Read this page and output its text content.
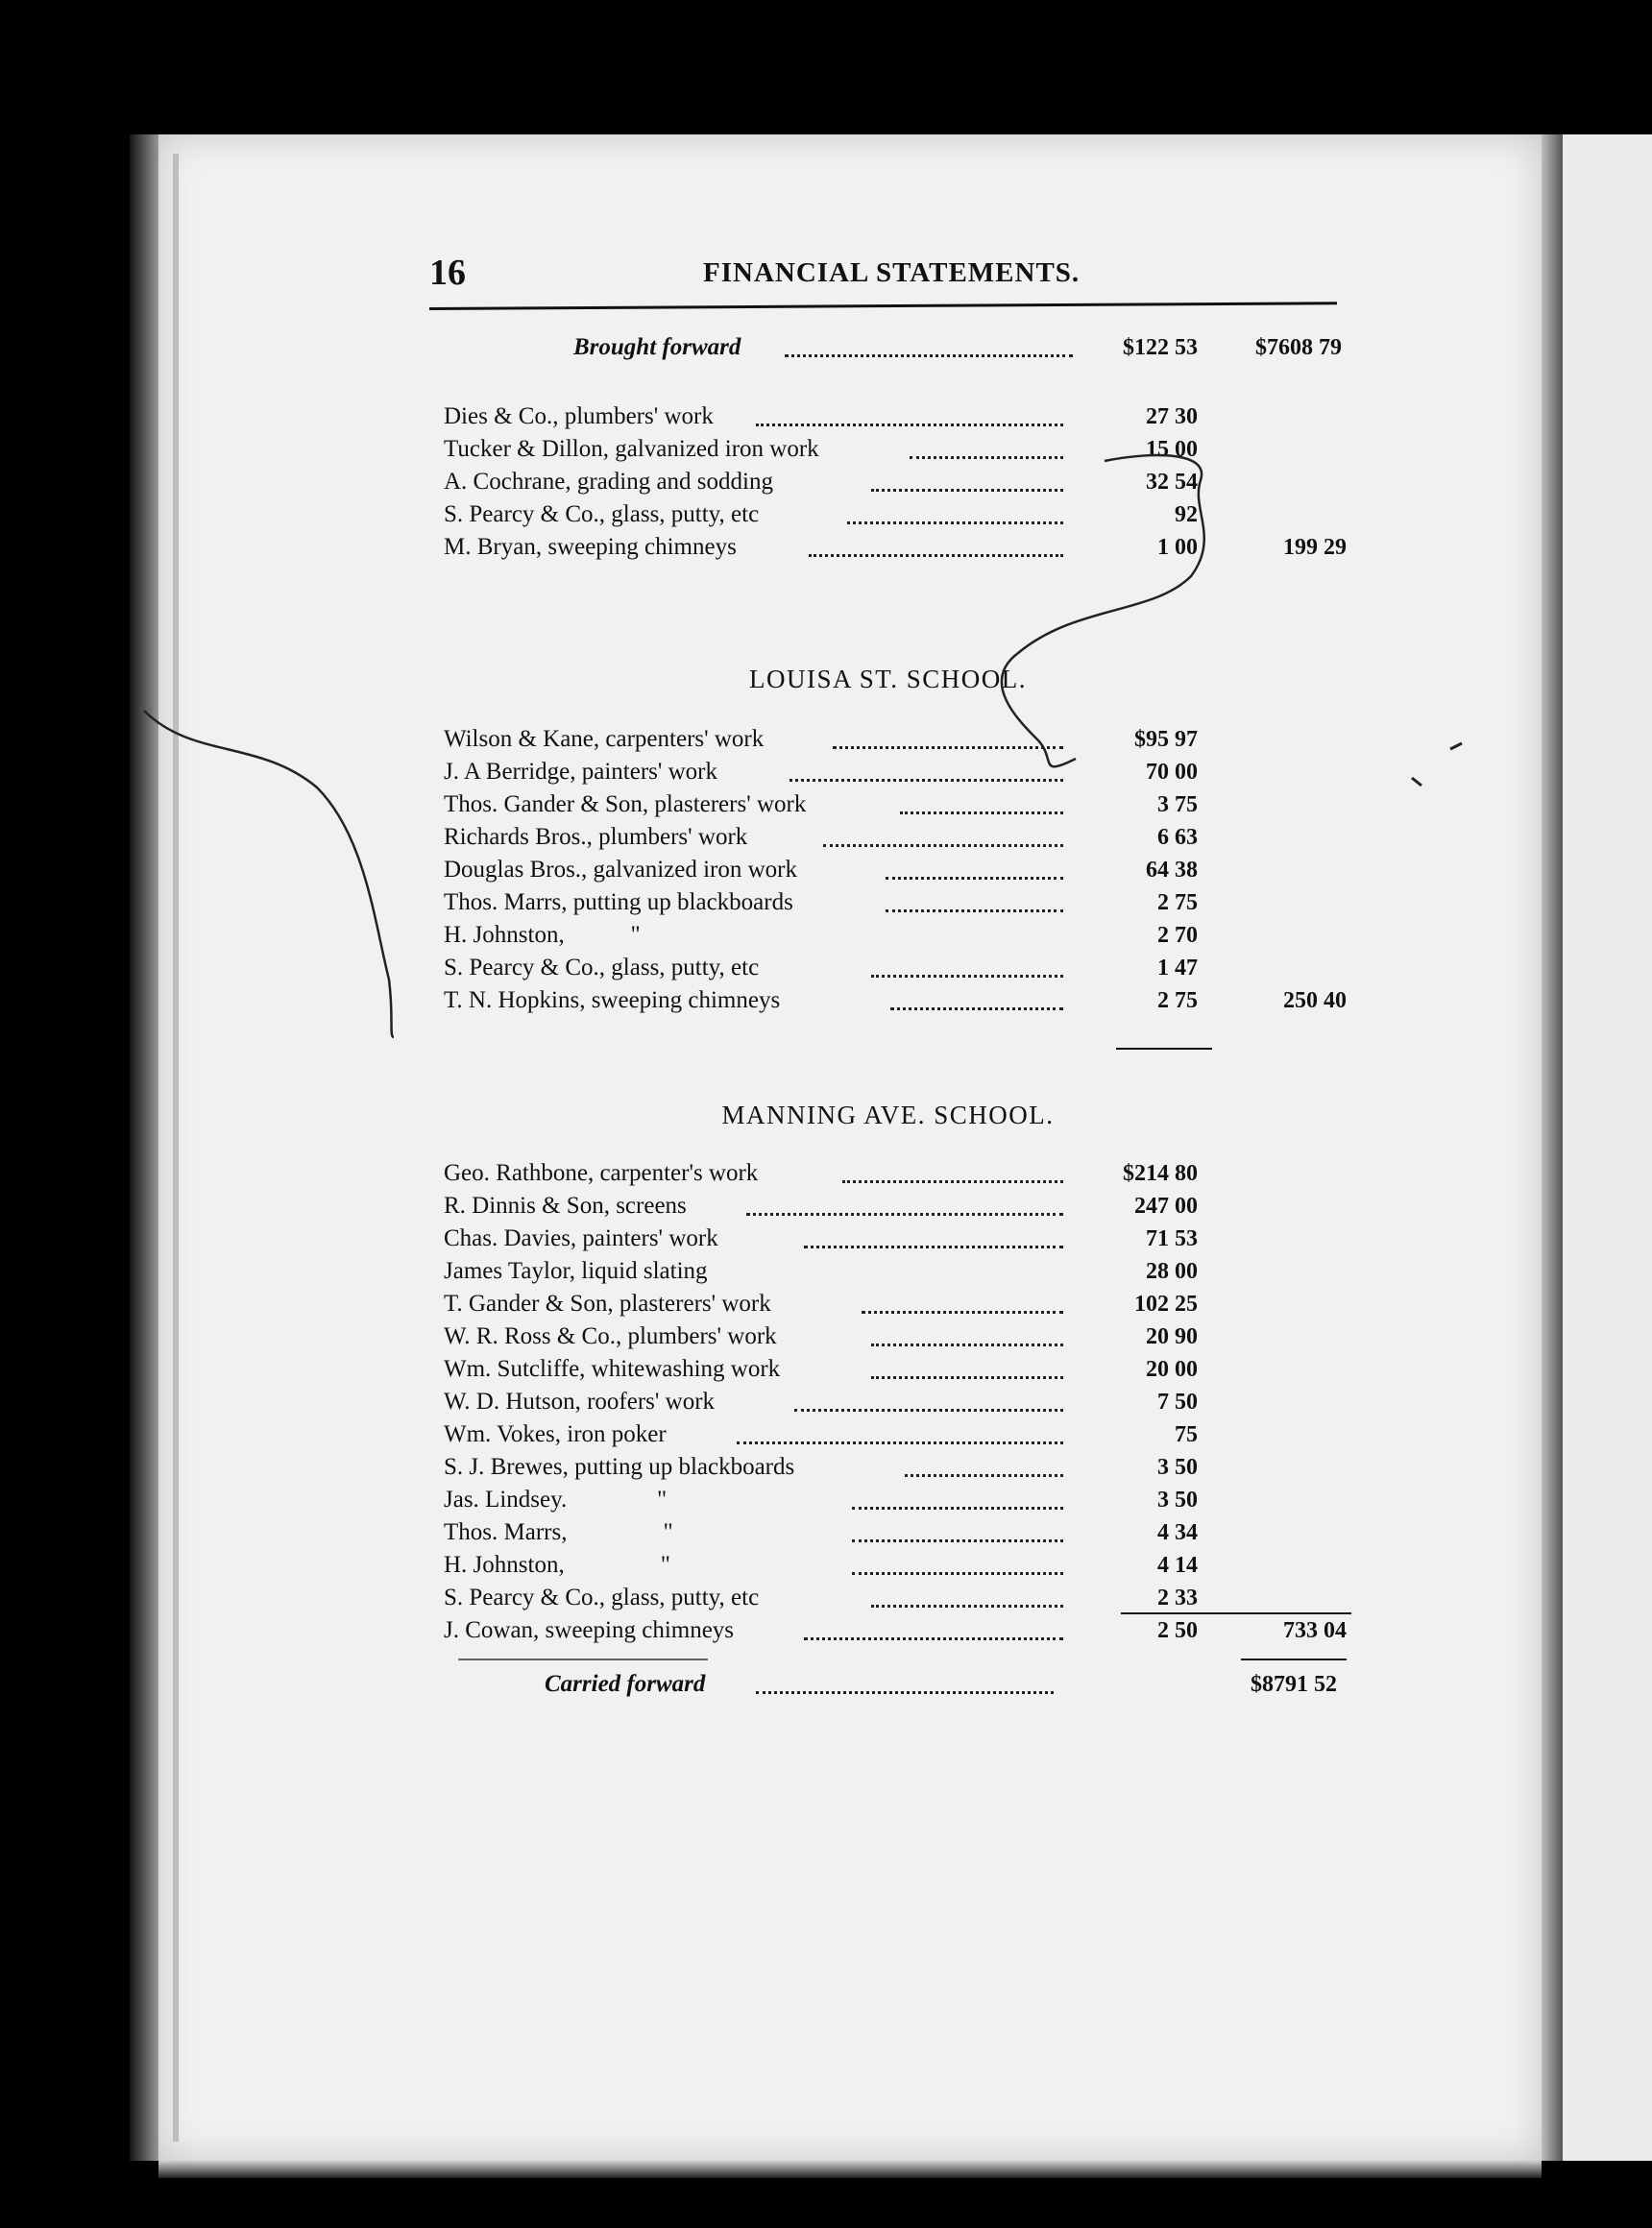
16	FINANCIAL STATEMENTS.
Brought forward	$122 53	$7608 79
Dies & Co., plumbers' work	27 30
Tucker & Dillon, galvanized iron work	15 00
A. Cochrane, grading and sodding	32 54
S. Pearcy & Co., glass, putty, etc	92
M. Bryan, sweeping chimneys	1 00	199 29
LOUISA ST. SCHOOL.
Wilson & Kane, carpenters' work	$95 97
J. A Berridge, painters' work	70 00
Thos. Gander & Son, plasterers' work	3 75
Richards Bros., plumbers' work	6 63
Douglas Bros., galvanized iron work	64 38
Thos. Marrs, putting up blackboards	2 75
H. Johnston,           "	2 70
S. Pearcy & Co., glass, putty, etc	1 47
T. N. Hopkins, sweeping chimneys	2 75	250 40
MANNING AVE. SCHOOL.
Geo. Rathbone, carpenter's work	$214 80
R. Dinnis & Son, screens	247 00
Chas. Davies, painters' work	71 53
James Taylor, liquid slating	28 00
T. Gander & Son, plasterers' work	102 25
W. R. Ross & Co., plumbers' work	20 90
Wm. Sutcliffe, whitewashing work	20 00
W. D. Hutson, roofers' work	7 50
Wm. Vokes, iron poker	75
S. J. Brewes, putting up blackboards	3 50
Jas. Lindsey.               "	3 50
Thos. Marrs,                "	4 34
H. Johnston,                "	4 14
S. Pearcy & Co., glass, putty, etc	2 33
J. Cowan, sweeping chimneys	2 50	733 04
Carried forward	$8791 52
